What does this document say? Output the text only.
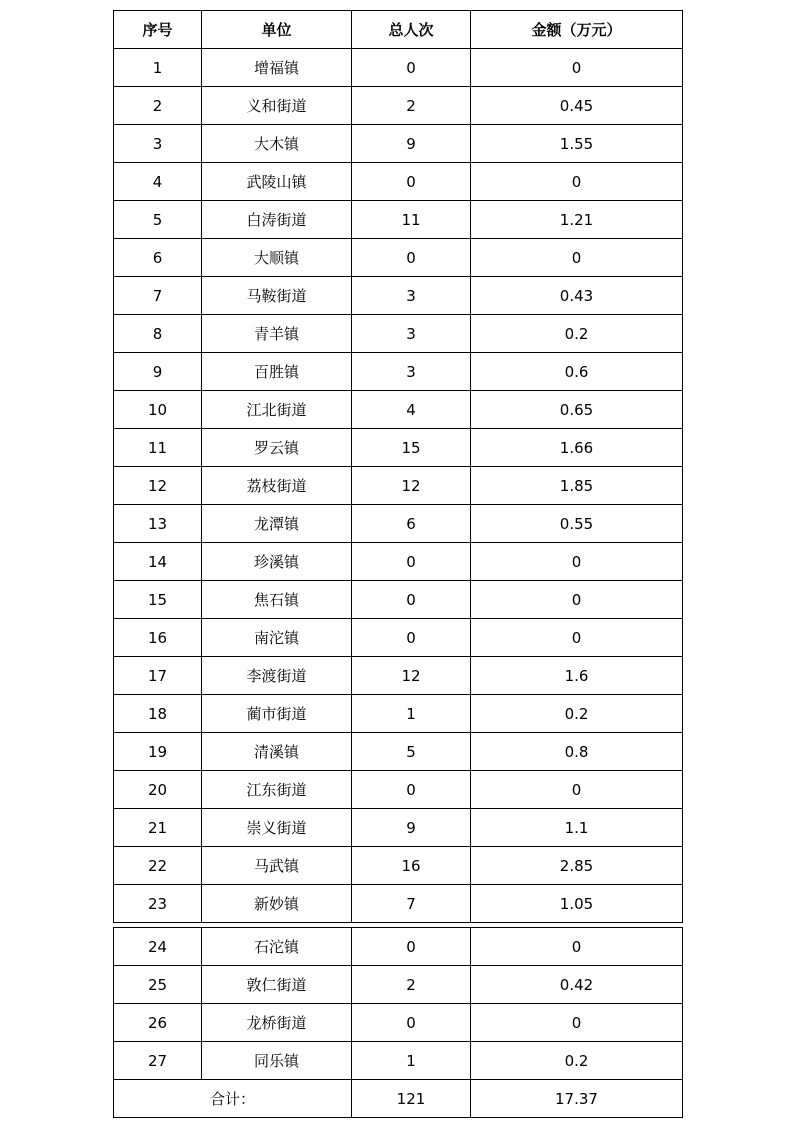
序号	单位	总人次	金额（万元）
1	增福镇	0	0
2	义和街道	2	0.45
3	大木镇	9	1.55
4	武陵山镇	0	0
5	白涛街道	11	1.21
6	大顺镇	0	0
7	马鞍街道	3	0.43
8	青羊镇	3	0.2
9	百胜镇	3	0.6
10	江北街道	4	0.65
11	罗云镇	15	1.66
12	荔枝街道	12	1.85
13	龙潭镇	6	0.55
14	珍溪镇	0	0
15	焦石镇	0	0
16	南沱镇	0	0
17	李渡街道	12	1.6
18	蔺市街道	1	0.2
19	清溪镇	5	0.8
20	江东街道	0	0
21	崇义街道	9	1.1
22	马武镇	16	2.85
23	新妙镇	7	1.05
24	石沱镇	0	0
25	敦仁街道	2	0.42
26	龙桥街道	0	0
27	同乐镇	1	0.2
合计：		121	17.37
